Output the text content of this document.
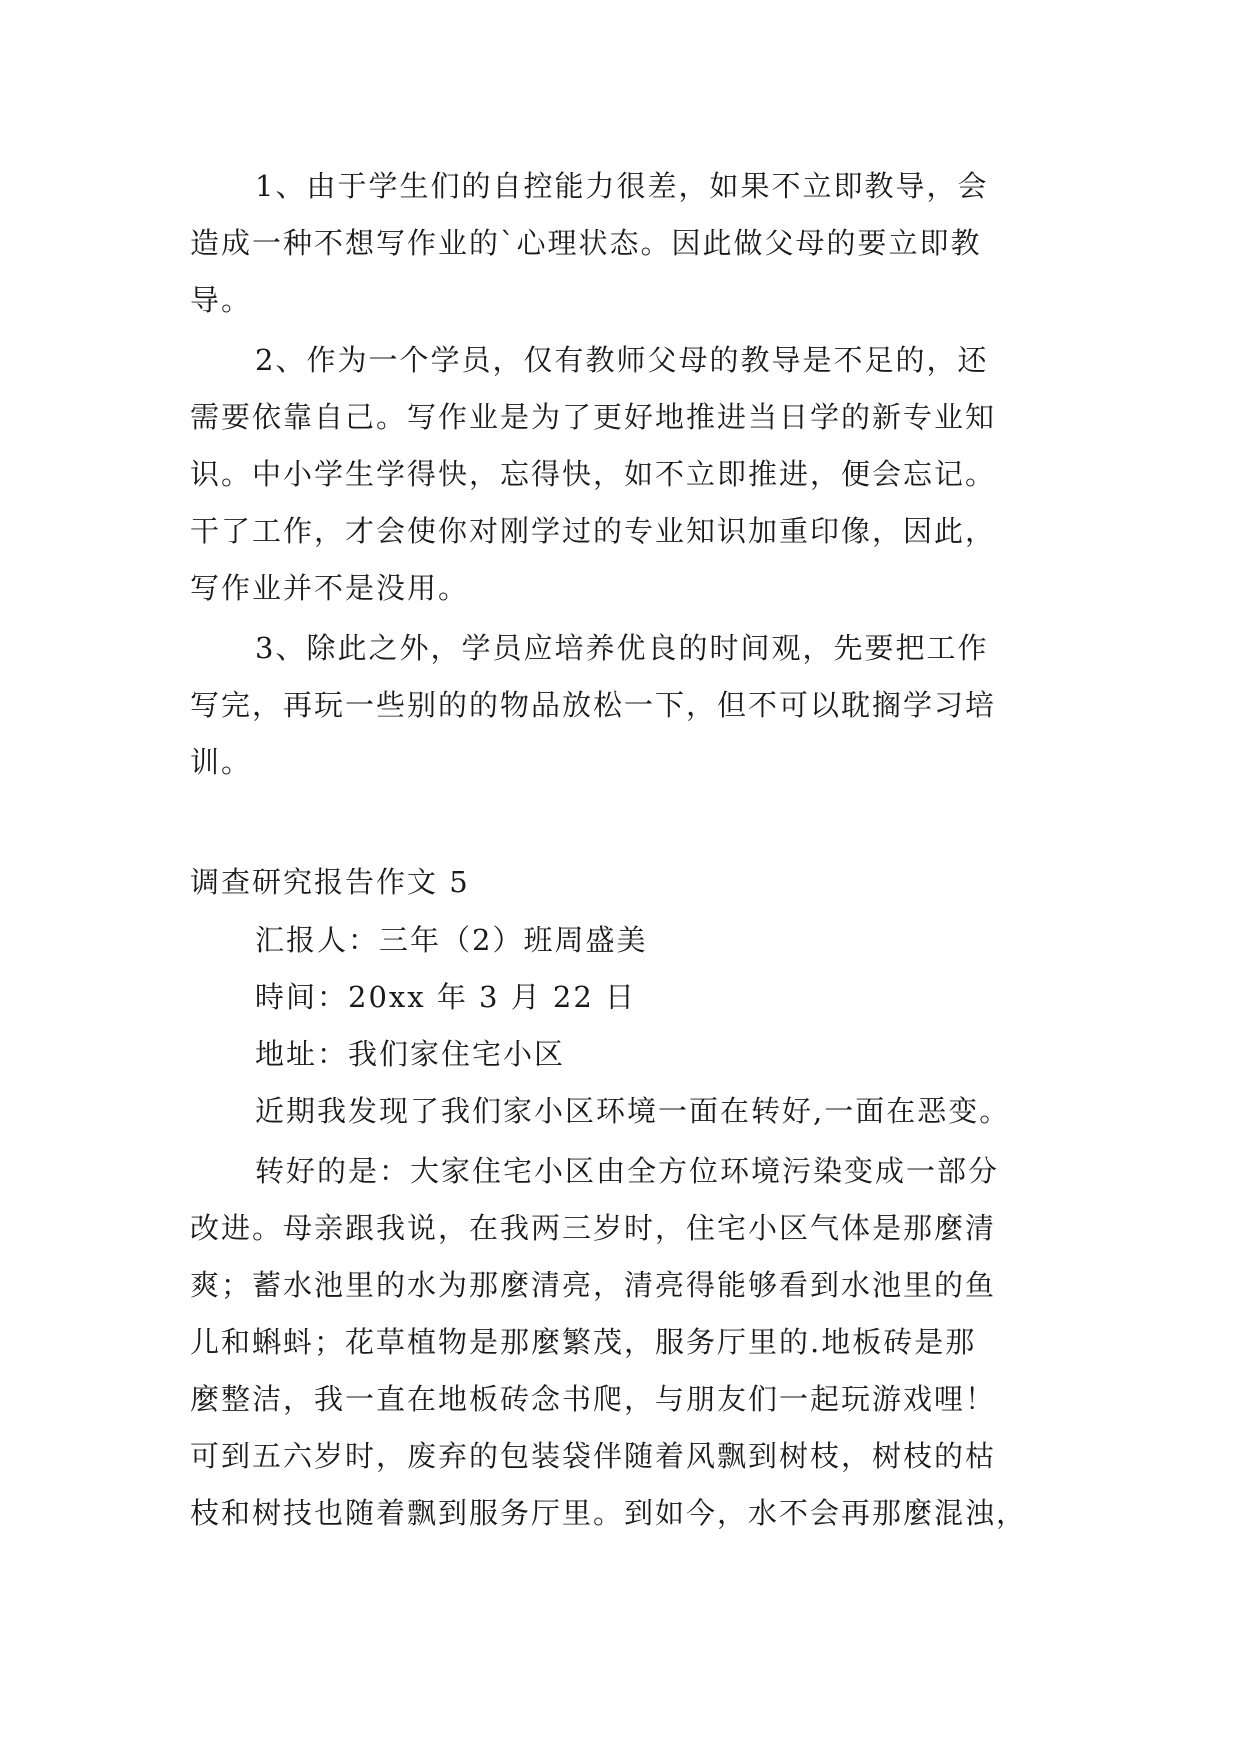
1、由于学生们的自控能力很差，如果不立即教导，会
造成一种不想写作业的`心理状态。因此做父母的要立即教
导。
2、作为一个学员，仅有教师父母的教导是不足的，还
需要依靠自己。写作业是为了更好地推进当日学的新专业知
识。中小学生学得快，忘得快，如不立即推进，便会忘记。
干了工作，才会使你对刚学过的专业知识加重印像，因此，
写作业并不是没用。
3、除此之外，学员应培养优良的时间观，先要把工作
写完，再玩一些别的的物品放松一下，但不可以耽搁学习培
训。
调查研究报告作文 5
汇报人：三年（2）班周盛美
時间：20xx 年 3 月 22 日
地址：我们家住宅小区
近期我发现了我们家小区环境一面在转好,一面在恶变。
转好的是：大家住宅小区由全方位环境污染变成一部分
改进。母亲跟我说，在我两三岁时，住宅小区气体是那麼清
爽；蓄水池里的水为那麼清亮，清亮得能够看到水池里的鱼
儿和蝌蚪；花草植物是那麼繁茂，服务厅里的.地板砖是那
麼整洁，我一直在地板砖念书爬，与朋友们一起玩游戏哩！
可到五六岁时，废弃的包装袋伴随着风飘到树枝，树枝的枯
枝和树技也随着飘到服务厅里。到如今，水不会再那麼混浊，
